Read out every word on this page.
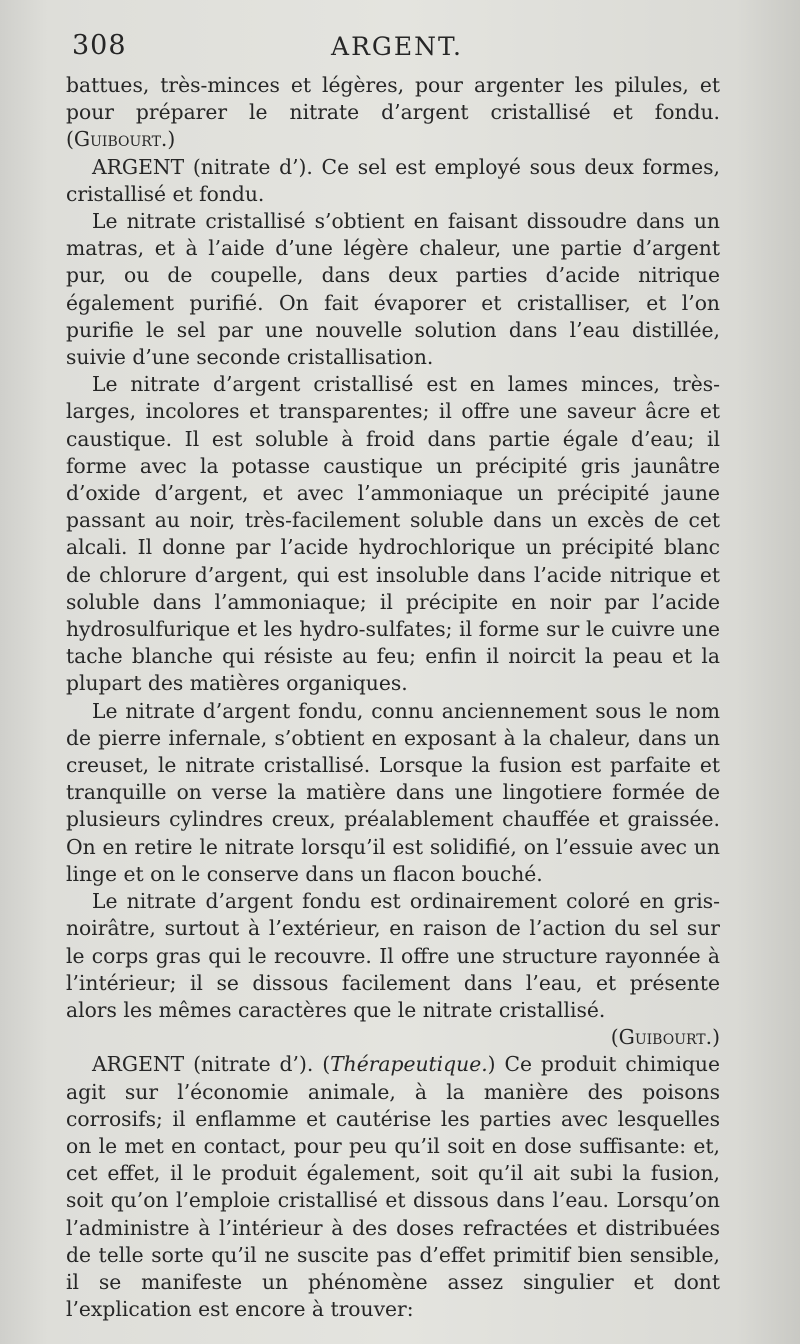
308	ARGENT.

battues, très-minces et légères, pour argenter les pilules, et pour préparer le nitrate d’argent cristallisé et fondu. (Guibourt.)

ARGENT (nitrate d’). Ce sel est employé sous deux formes, cristallisé et fondu.

Le nitrate cristallisé s’obtient en faisant dissoudre dans un matras, et à l’aide d’une légère chaleur, une partie d’argent pur, ou de coupelle, dans deux parties d’acide nitrique également purifié. On fait évaporer et cristalliser, et l’on purifie le sel par une nouvelle solution dans l’eau distillée, suivie d’une seconde cristallisation.

Le nitrate d’argent cristallisé est en lames minces, très-larges, incolores et transparentes; il offre une saveur âcre et caustique. Il est soluble à froid dans partie égale d’eau; il forme avec la potasse caustique un précipité gris jaunâtre d’oxide d’argent, et avec l’ammoniaque un précipité jaune passant au noir, très-facilement soluble dans un excès de cet alcali. Il donne par l’acide hydrochlorique un précipité blanc de chlorure d’argent, qui est insoluble dans l’acide nitrique et soluble dans l’ammoniaque; il précipite en noir par l’acide hydrosulfurique et les hydro-sulfates; il forme sur le cuivre une tache blanche qui résiste au feu; enfin il noircit la peau et la plupart des matières organiques.

Le nitrate d’argent fondu, connu anciennement sous le nom de pierre infernale, s’obtient en exposant à la chaleur, dans un creuset, le nitrate cristallisé. Lorsque la fusion est parfaite et tranquille on verse la matière dans une lingotiere formée de plusieurs cylindres creux, préalablement chauffée et graissée. On en retire le nitrate lorsqu’il est solidifié, on l’essuie avec un linge et on le conserve dans un flacon bouché.

Le nitrate d’argent fondu est ordinairement coloré en gris-noirâtre, surtout à l’extérieur, en raison de l’action du sel sur le corps gras qui le recouvre. Il offre une structure rayonnée à l’intérieur; il se dissous facilement dans l’eau, et présente alors les mêmes caractères que le nitrate cristallisé.
(Guibourt.)

ARGENT (nitrate d’). (Thérapeutique.) Ce produit chimique agit sur l’économie animale, à la manière des poisons corrosifs; il enflamme et cautérise les parties avec lesquelles on le met en contact, pour peu qu’il soit en dose suffisante: et, cet effet, il le produit également, soit qu’il ait subi la fusion, soit qu’on l’emploie cristallisé et dissous dans l’eau. Lorsqu’on l’administre à l’intérieur à des doses refractées et distribuées de telle sorte qu’il ne suscite pas d’effet primitif bien sensible, il se manifeste un phénomène assez singulier et dont l’explication est encore à trouver:
